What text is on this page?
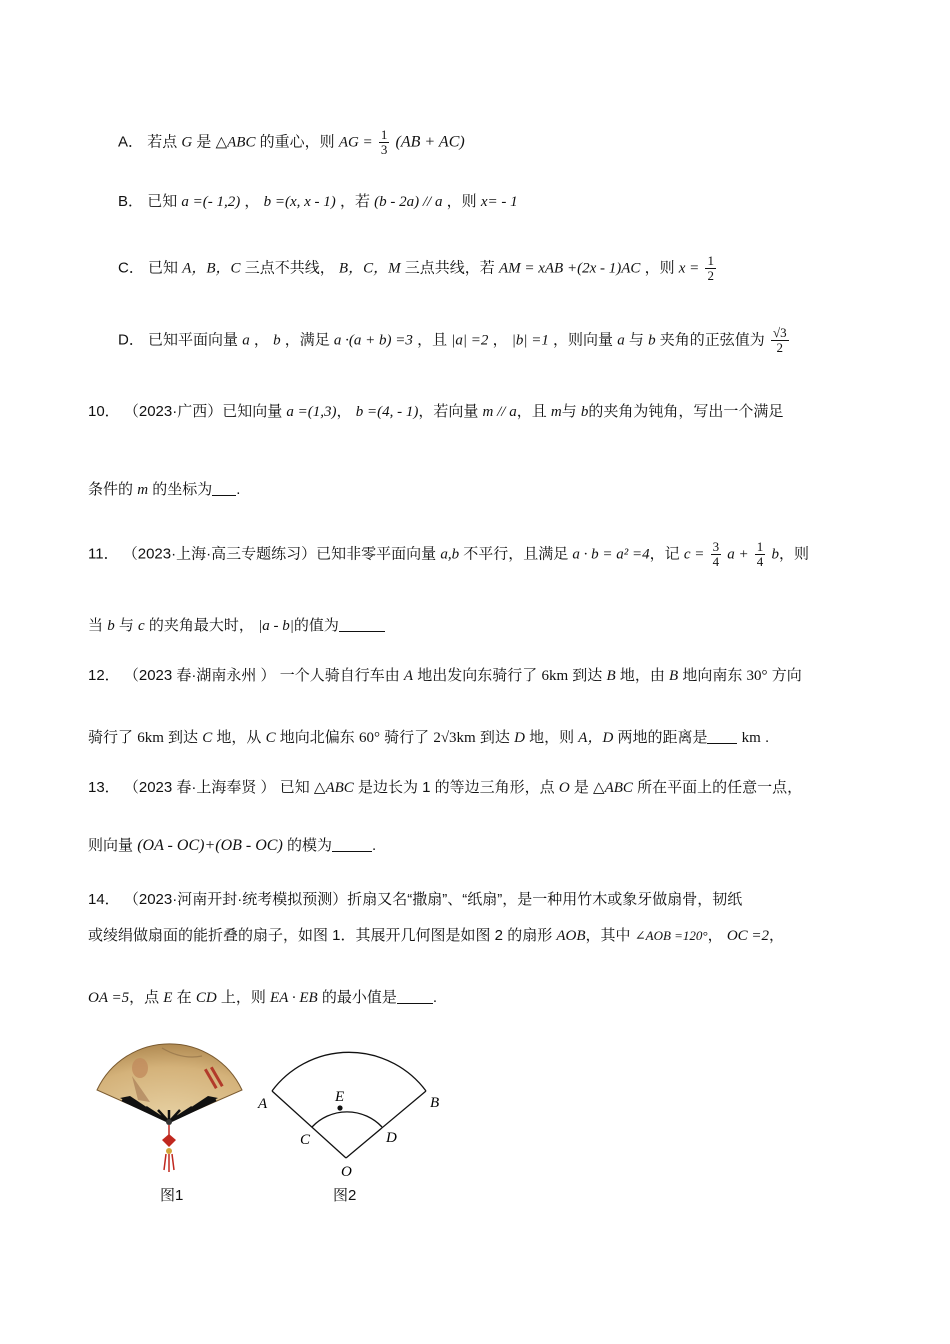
A． 若点 G 是 △ABC 的重心，则 AG = $\frac{1}{3} (AB + AC)$
B． 已知 a =(- 1,2) ， b =(x, x - 1) ，若 (b - 2a) // a ，则 x= - 1
C． 已知 A，B，C 三点不共线， B，C，M 三点共线，若 AM = xAB +(2x - 1)AC ，则 $x = \frac{1}{2}$
D． 已知平面向量 a ， b ，满足 a ·(a + b) =3 ，且 |a| =2 ， |b| =1 ，则向量 a 与 b 夹角的正弦值为 $\frac{√3}{2}$
10． （2023·广西）已知向量 a =(1,3)， b =(4, - 1)，若向量 m // a，且 m与 b的夹角为钝角，写出一个满足
条件的 m 的坐标为 .
11． （2023·上海·高三专题练习）已知非零平面向量 a,b 不平行，且满足 a · b = a² =4，记 $c = \frac{3}{4}$ $a + \frac{1}{4}$ b，则
当 b 与 c 的夹角最大时， |a - b|的值为
12． （2023 春·湖南永州 ） 一个人骑自行车由 A 地出发向东骑行了 6km 到达 B 地，由 B 地向南东 30° 方向
骑行了 6km 到达 C 地，从 C 地向北偏东 60° 骑行了 2√3km 到达 D 地，则 A，D 两地的距离是 km .
13． （2023 春·上海奉贤 ） 已知 △ABC 是边长为 1 的等边三角形，点 O 是 △ABC 所在平面上的任意一点，
则向量 (OA - OC)+(OB - OC) 的模为	.
14． （2023·河南开封·统考模拟预测）折扇又名“撒扇”、“纸扇”，是一种用竹木或象牙做扇骨，韧纸
或绫绢做扇面的能折叠的扇子，如图 1．其展开几何图是如图 2 的扇形 AOB，其中 ∠AOB =120°， OC =2，
OA =5，点 E 在 CD 上，则 EA · EB 的最小值是 .
图1
A	B
C	D
E
O
图2
